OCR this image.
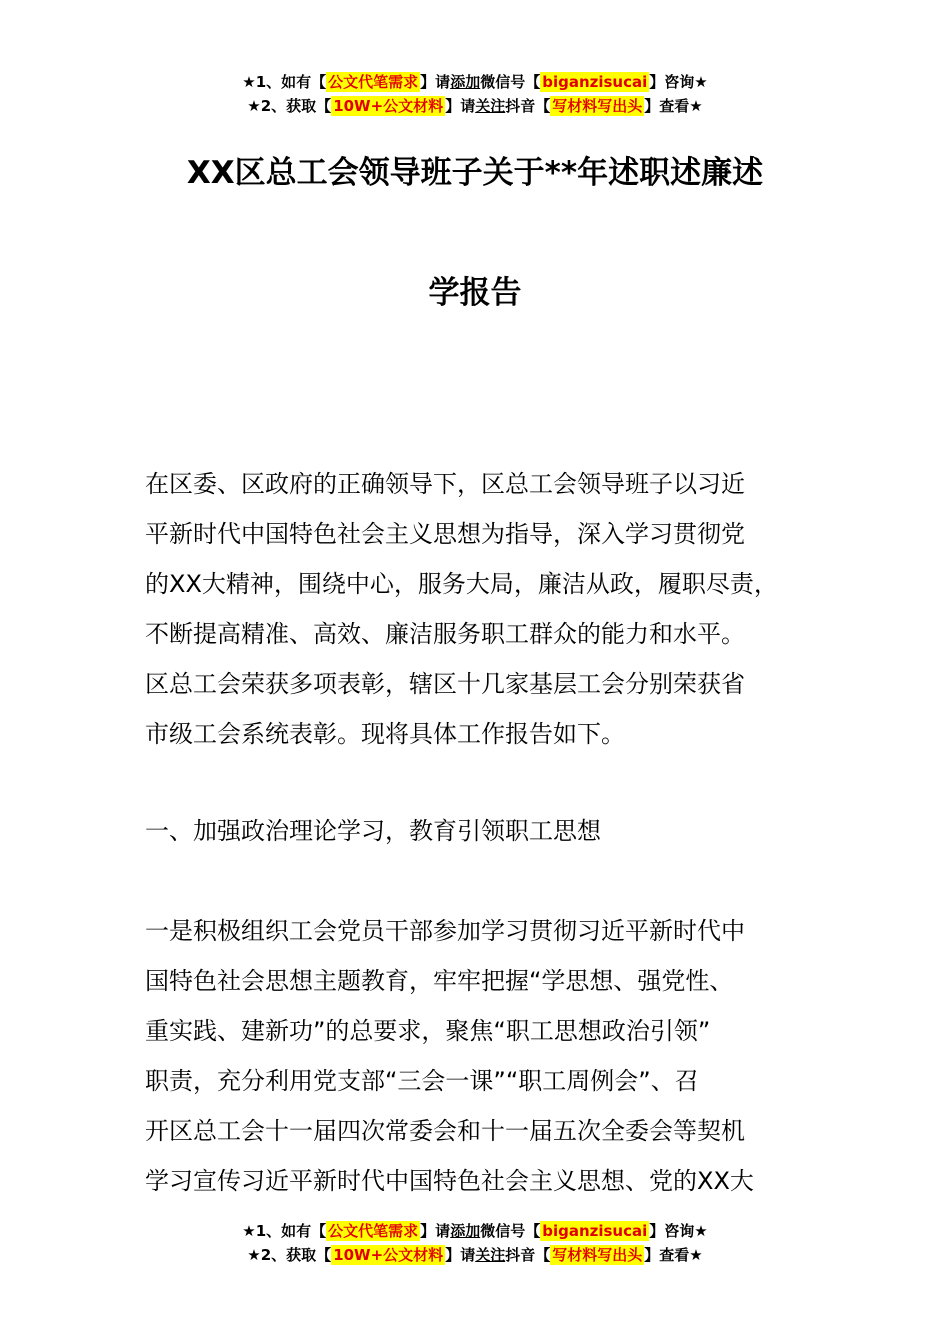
★1、如有【 公文代笔需求 】请添加微信号【 biganzisucai 】咨询★
★2、获取【 10W+公文材料 】请关注抖音【 写材料写出头 】查看★
XX区总工会领导班子关于**年述职述廉述
学报告
在区委、区政府的正确领导下，区总工会领导班子以习近
平新时代中国特色社会主义思想为指导，深入学习贯彻党
的XX大精神，围绕中心，服务大局，廉洁从政，履职尽责，
不断提高精准、高效、廉洁服务职工群众的能力和水平。
区总工会荣获多项表彰，辖区十几家基层工会分别荣获省
市级工会系统表彰。现将具体工作报告如下。
一、加强政治理论学习，教育引领职工思想
一是积极组织工会党员干部参加学习贯彻习近平新时代中
国特色社会思想主题教育，牢牢把握“学思想、强党性、
重实践、建新功”的总要求，聚焦“职工思想政治引领”
职责，充分利用党支部“三会一课”“职工周例会”、召
开区总工会十一届四次常委会和十一届五次全委会等契机
学习宣传习近平新时代中国特色社会主义思想、党的XX大
★1、如有【 公文代笔需求 】请添加微信号【 biganzisucai 】咨询★
★2、获取【 10W+公文材料 】请关注抖音【 写材料写出头 】查看★
